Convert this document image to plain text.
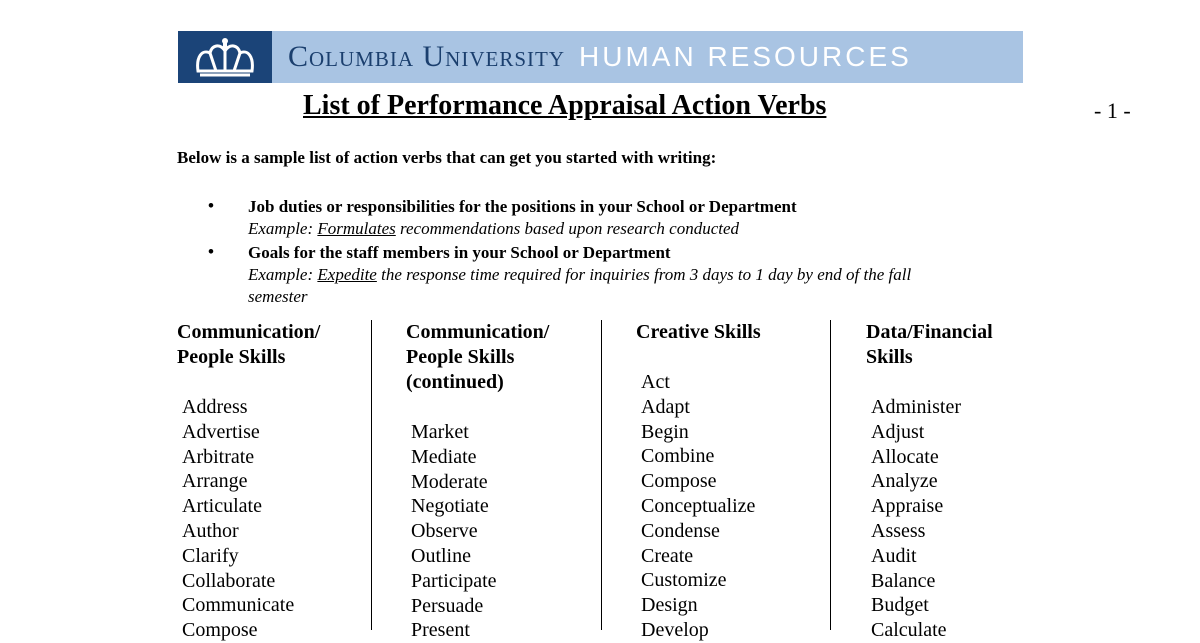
Columbia University HUMAN RESOURCES
List of Performance Appraisal Action Verbs	- 1 -
Below is a sample list of action verbs that can get you started with writing:
• Job duties or responsibilities for the positions in your School or Department
Example: Formulates recommendations based upon research conducted
• Goals for the staff members in your School or Department
Example: Expedite the response time required for inquiries from 3 days to 1 day by end of the fall
semester
Communication/
People Skills
Address
Advertise
Arbitrate
Arrange
Articulate
Author
Clarify
Collaborate
Communicate
Compose
Communication/
People Skills
(continued)
Market
Mediate
Moderate
Negotiate
Observe
Outline
Participate
Persuade
Present
Creative Skills
Act
Adapt
Begin
Combine
Compose
Conceptualize
Condense
Create
Customize
Design
Develop
Data/Financial
Skills
Administer
Adjust
Allocate
Analyze
Appraise
Assess
Audit
Balance
Budget
Calculate
